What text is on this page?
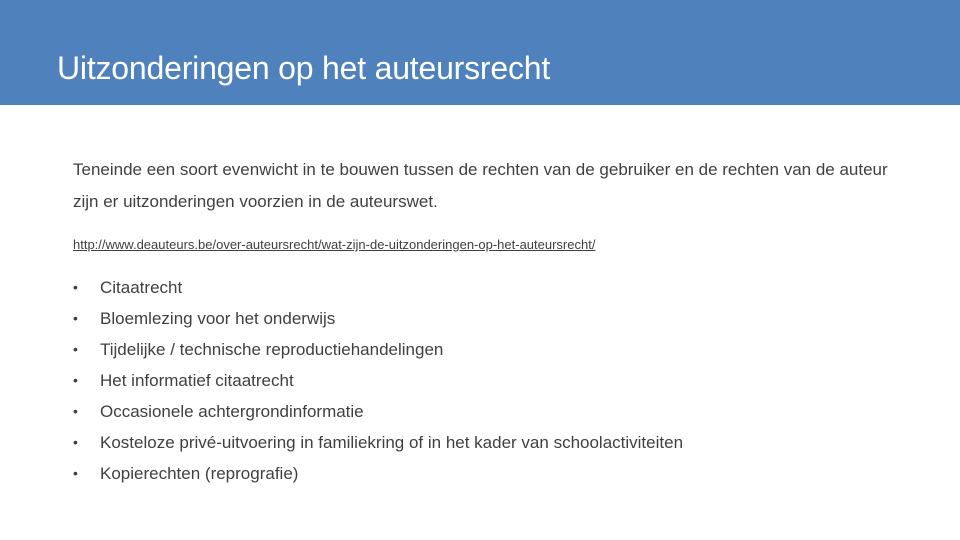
Uitzonderingen op het auteursrecht

Teneinde een soort evenwicht in te bouwen tussen de rechten van de gebruiker en de rechten van de auteur zijn er uitzonderingen voorzien in de auteurswet.

http://www.deauteurs.be/over-auteursrecht/wat-zijn-de-uitzonderingen-op-het-auteursrecht/
• Citaatrecht
• Bloemlezing voor het onderwijs
• Tijdelijke / technische reproductiehandelingen
• Het informatief citaatrecht
• Occasionele achtergrondinformatie
• Kosteloze privé-uitvoering in familiekring of in het kader van schoolactiviteiten
• Kopierechten (reprografie)
